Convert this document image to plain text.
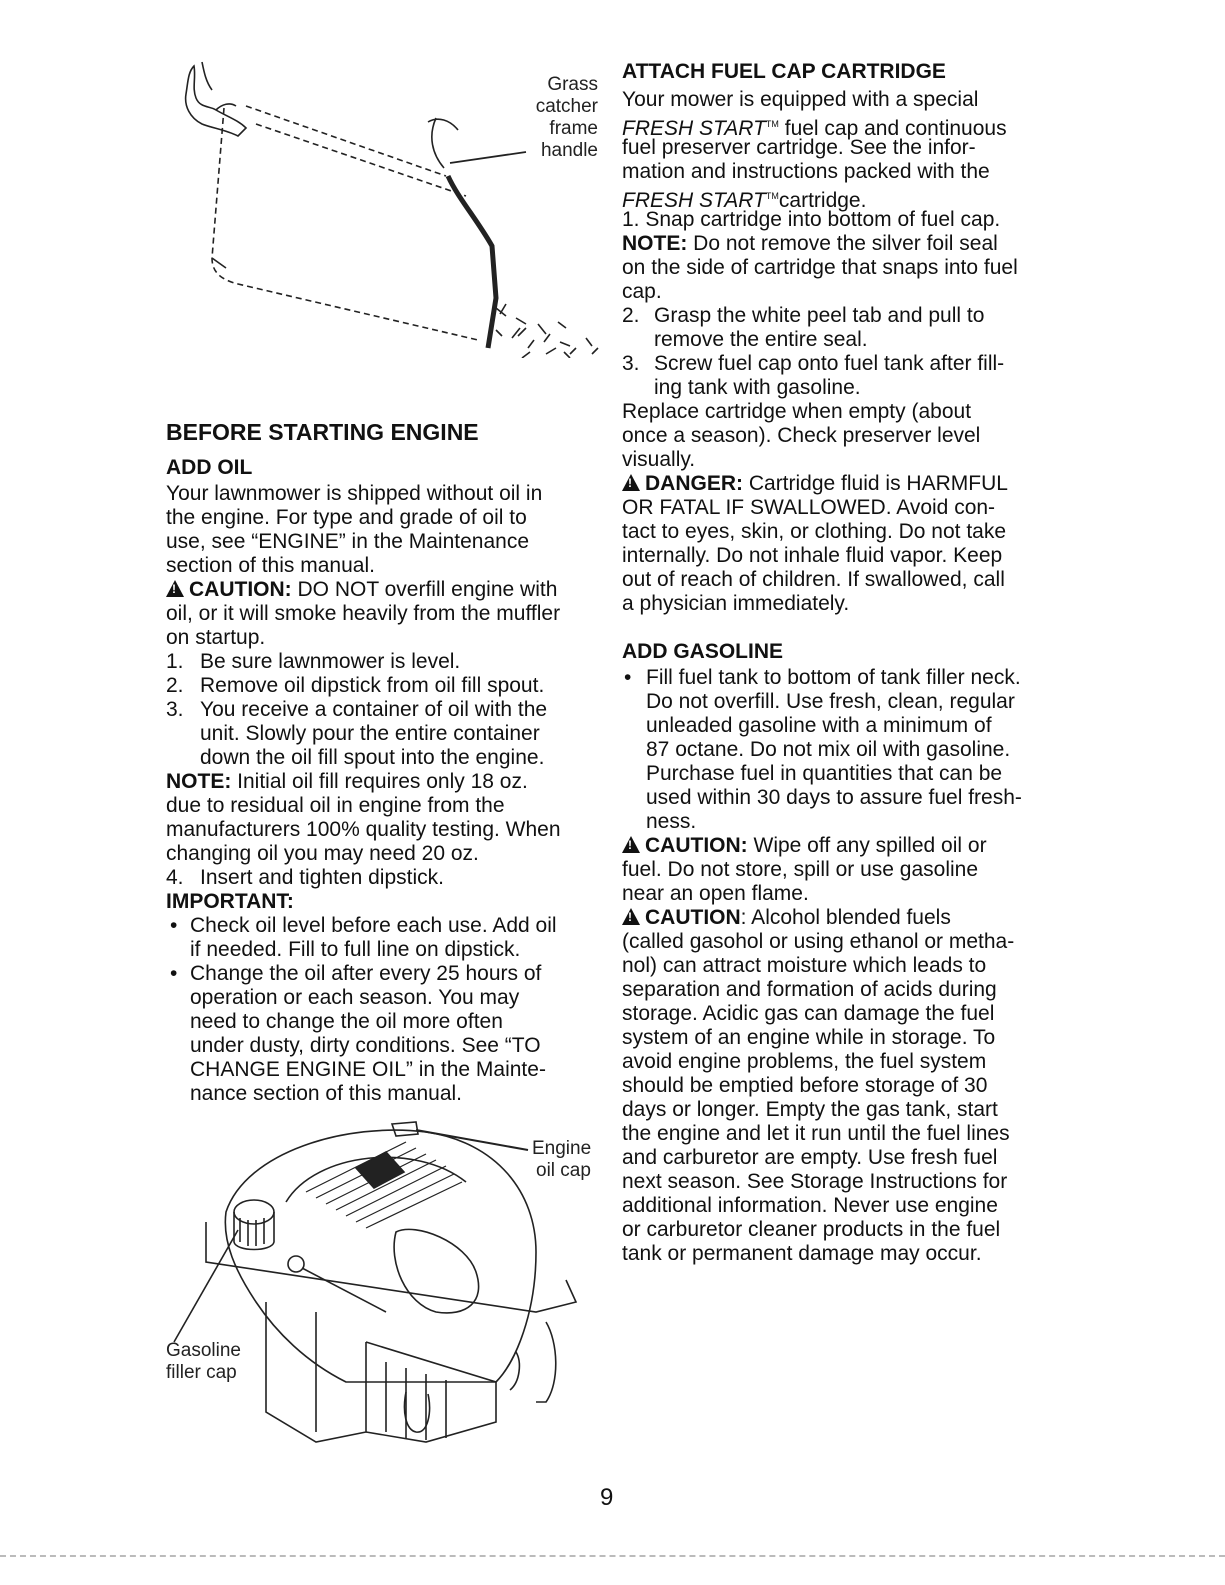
Grass
catcher
frame
handle
BEFORE STARTING ENGINE
ADD OIL
Your lawnmower is shipped without oil in
the engine. For type and grade of oil to
use, see “ENGINE” in the Maintenance
section of this manual.
!CAUTION: DO NOT overfill engine with
oil, or it will smoke heavily from the muffler
on startup.
1. Be sure lawnmower is level.
2. Remove oil dipstick from oil fill spout.
3. You receive a container of oil with the
unit. Slowly pour the entire container
down the oil fill spout into the engine.
NOTE: Initial oil fill requires only 18 oz.
due to residual oil in engine from the
manufacturers 100% quality testing. When
changing oil you may need 20 oz.
4. Insert and tighten dipstick.
IMPORTANT:
• Check oil level before each use. Add oil
if needed. Fill to full line on dipstick.
• Change the oil after every 25 hours of
operation or each season. You may
need to change the oil more often
under dusty, dirty conditions. See “TO
CHANGE ENGINE OIL” in the Mainte-
nance section of this manual.
Engine
oil cap
Gasoline
filler cap
ATTACH FUEL CAP CARTRIDGE
Your mower is equipped with a special
FRESH START™ fuel cap and continuous
fuel preserver cartridge. See the infor-
mation and instructions packed with the
FRESH START™cartridge.
1. Snap cartridge into bottom of fuel cap.
NOTE: Do not remove the silver foil seal
on the side of cartridge that snaps into fuel
cap.
2. Grasp the white peel tab and pull to
remove the entire seal.
3. Screw fuel cap onto fuel tank after fill-
ing tank with gasoline.
Replace cartridge when empty (about
once a season). Check preserver level
visually.
!DANGER: Cartridge fluid is HARMFUL
OR FATAL IF SWALLOWED. Avoid con-
tact to eyes, skin, or clothing. Do not take
internally. Do not inhale fluid vapor. Keep
out of reach of children. If swallowed, call
a physician immediately.
ADD GASOLINE
• Fill fuel tank to bottom of tank filler neck.
Do not overfill. Use fresh, clean, regular
unleaded gasoline with a minimum of
87 octane. Do not mix oil with gasoline.
Purchase fuel in quantities that can be
used within 30 days to assure fuel fresh-
ness.
!CAUTION: Wipe off any spilled oil or
fuel. Do not store, spill or use gasoline
near an open flame.
!CAUTION: Alcohol blended fuels
(called gasohol or using ethanol or metha-
nol) can attract moisture which leads to
separation and formation of acids during
storage. Acidic gas can damage the fuel
system of an engine while in storage. To
avoid engine problems, the fuel system
should be emptied before storage of 30
days or longer. Empty the gas tank, start
the engine and let it run until the fuel lines
and carburetor are empty. Use fresh fuel
next season. See Storage Instructions for
additional information. Never use engine
or carburetor cleaner products in the fuel
tank or permanent damage may occur.
9
